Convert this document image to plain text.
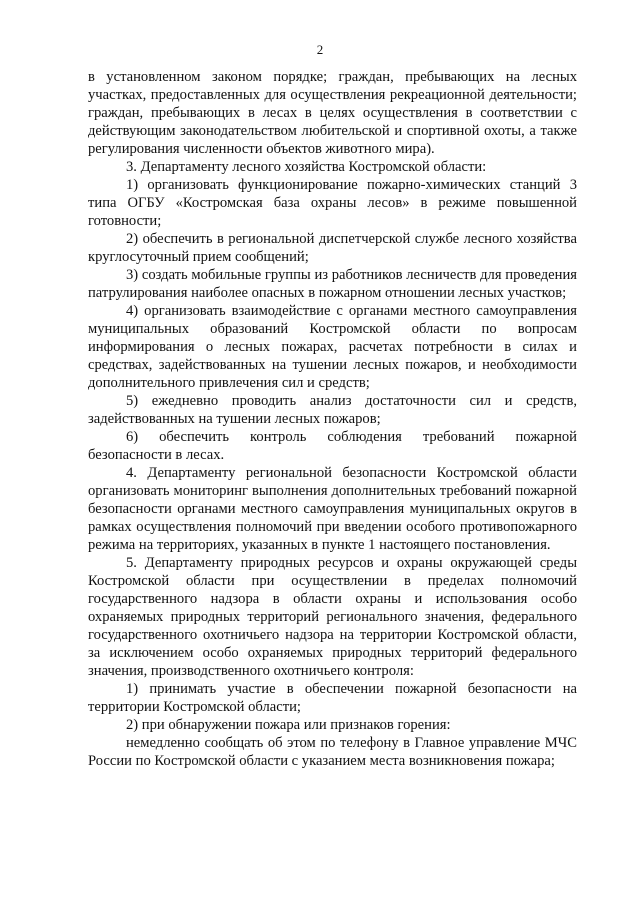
2

в установленном законом порядке; граждан, пребывающих на лесных участках, предоставленных для осуществления рекреационной деятельности; граждан, пребывающих в лесах в целях осуществления в соответствии с действующим законодательством любительской и спортивной охоты, а также регулирования численности объектов животного мира).

3. Департаменту лесного хозяйства Костромской области:

1) организовать функционирование пожарно-химических станций 3 типа ОГБУ «Костромская база охраны лесов» в режиме повышенной готовности;

2) обеспечить в региональной диспетчерской службе лесного хозяйства круглосуточный прием сообщений;

3) создать мобильные группы из работников лесничеств для проведения патрулирования наиболее опасных в пожарном отношении лесных участков;

4) организовать взаимодействие с органами местного самоуправления муниципальных образований Костромской области по вопросам информирования о лесных пожарах, расчетах потребности в силах и средствах, задействованных на тушении лесных пожаров, и необходимости дополнительного привлечения сил и средств;

5) ежедневно проводить анализ достаточности сил и средств, задействованных на тушении лесных пожаров;

6) обеспечить контроль соблюдения требований пожарной безопасности в лесах.

4. Департаменту региональной безопасности Костромской области организовать мониторинг выполнения дополнительных требований пожарной безопасности органами местного самоуправления муниципальных округов в рамках осуществления полномочий при введении особого противопожарного режима на территориях, указанных в пункте 1 настоящего постановления.

5. Департаменту природных ресурсов и охраны окружающей среды Костромской области при осуществлении в пределах полномочий государственного надзора в области охраны и использования особо охраняемых природных территорий регионального значения, федерального государственного охотничьего надзора на территории Костромской области, за исключением особо охраняемых природных территорий федерального значения, производственного охотничьего контроля:

1) принимать участие в обеспечении пожарной безопасности на территории Костромской области;

2) при обнаружении пожара или признаков горения:

немедленно сообщать об этом по телефону в Главное управление МЧС России по Костромской области с указанием места возникновения пожара;
